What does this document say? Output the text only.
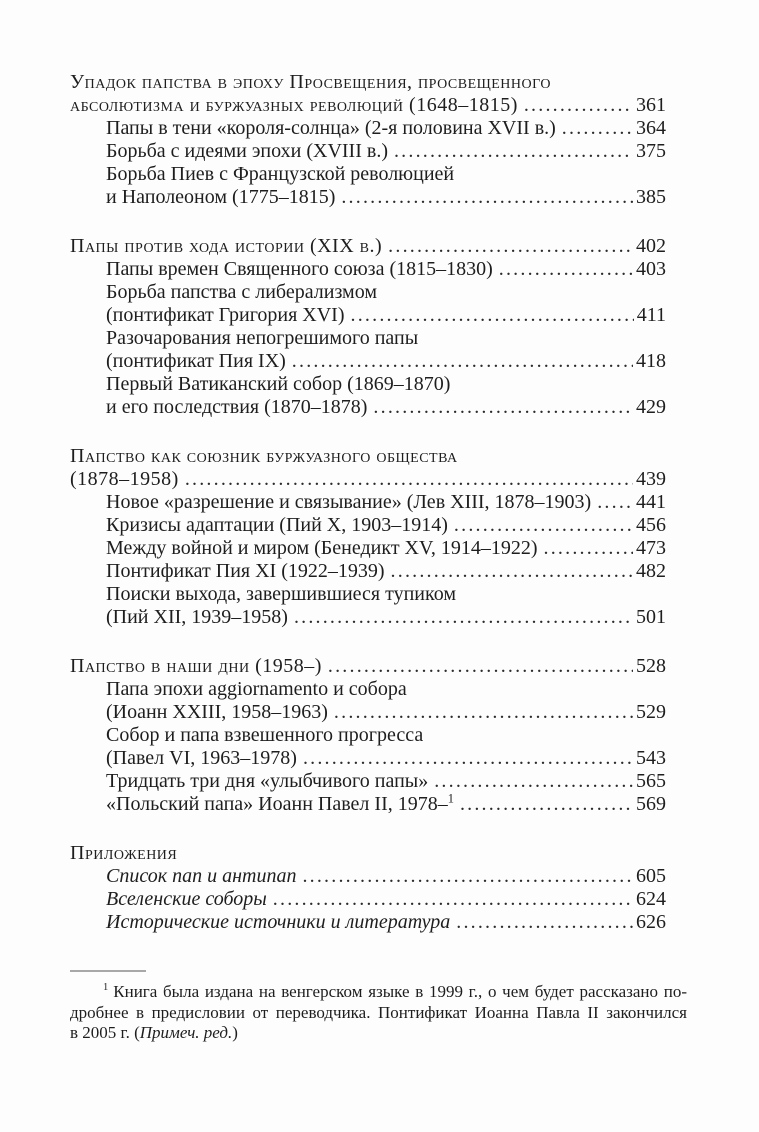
Упадок папства в эпоху Просвещения, просвещенного
абсолютизма и буржуазных революций (1648–1815) .....	361
Папы в тени «короля-солнца» (2-я половина XVII в.) .....	364
Борьба с идеями эпохи (XVIII в.) .....	375
Борьба Пиев с Французской революцией
и Наполеоном (1775–1815) .....	385
Папы против хода истории (XIX в.) .....	402
Папы времен Священного союза (1815–1830) .....	403
Борьба папства с либерализмом
(понтификат Григория XVI) .....	411
Разочарования непогрешимого папы
(понтификат Пия IX) .....	418
Первый Ватиканский собор (1869–1870)
и его последствия (1870–1878) .....	429
Папство как союзник буржуазного общества
(1878–1958) .....	439
Новое «разрешение и связывание» (Лев XIII, 1878–1903) ..... 441
Кризисы адаптации (Пий X, 1903–1914) .....	456
Между войной и миром (Бенедикт XV, 1914–1922) .....	473
Понтификат Пия XI (1922–1939) .....	482
Поиски выхода, завершившиеся тупиком
(Пий XII, 1939–1958) .....	501
Папство в наши дни (1958–) .....	528
Папа эпохи aggiornamento и собора
(Иоанн XXIII, 1958–1963) .....	529
Собор и папа взвешенного прогресса
(Павел VI, 1963–1978) .....	543
Тридцать три дня «улыбчивого папы» .....	565
«Польский папа» Иоанн Павел II, 1978–$^1$ .....	569
Приложения
Список пап и антипап .....	605
Вселенские соборы .....	624
Исторические источники и литература .....	626
$^1$ Книга была издана на венгерском языке в 1999 г., о чем будет рассказано по-
дробнее в предисловии от переводчика. Понтификат Иоанна Павла II закончился
в 2005 г. (Примеч. ред.)
